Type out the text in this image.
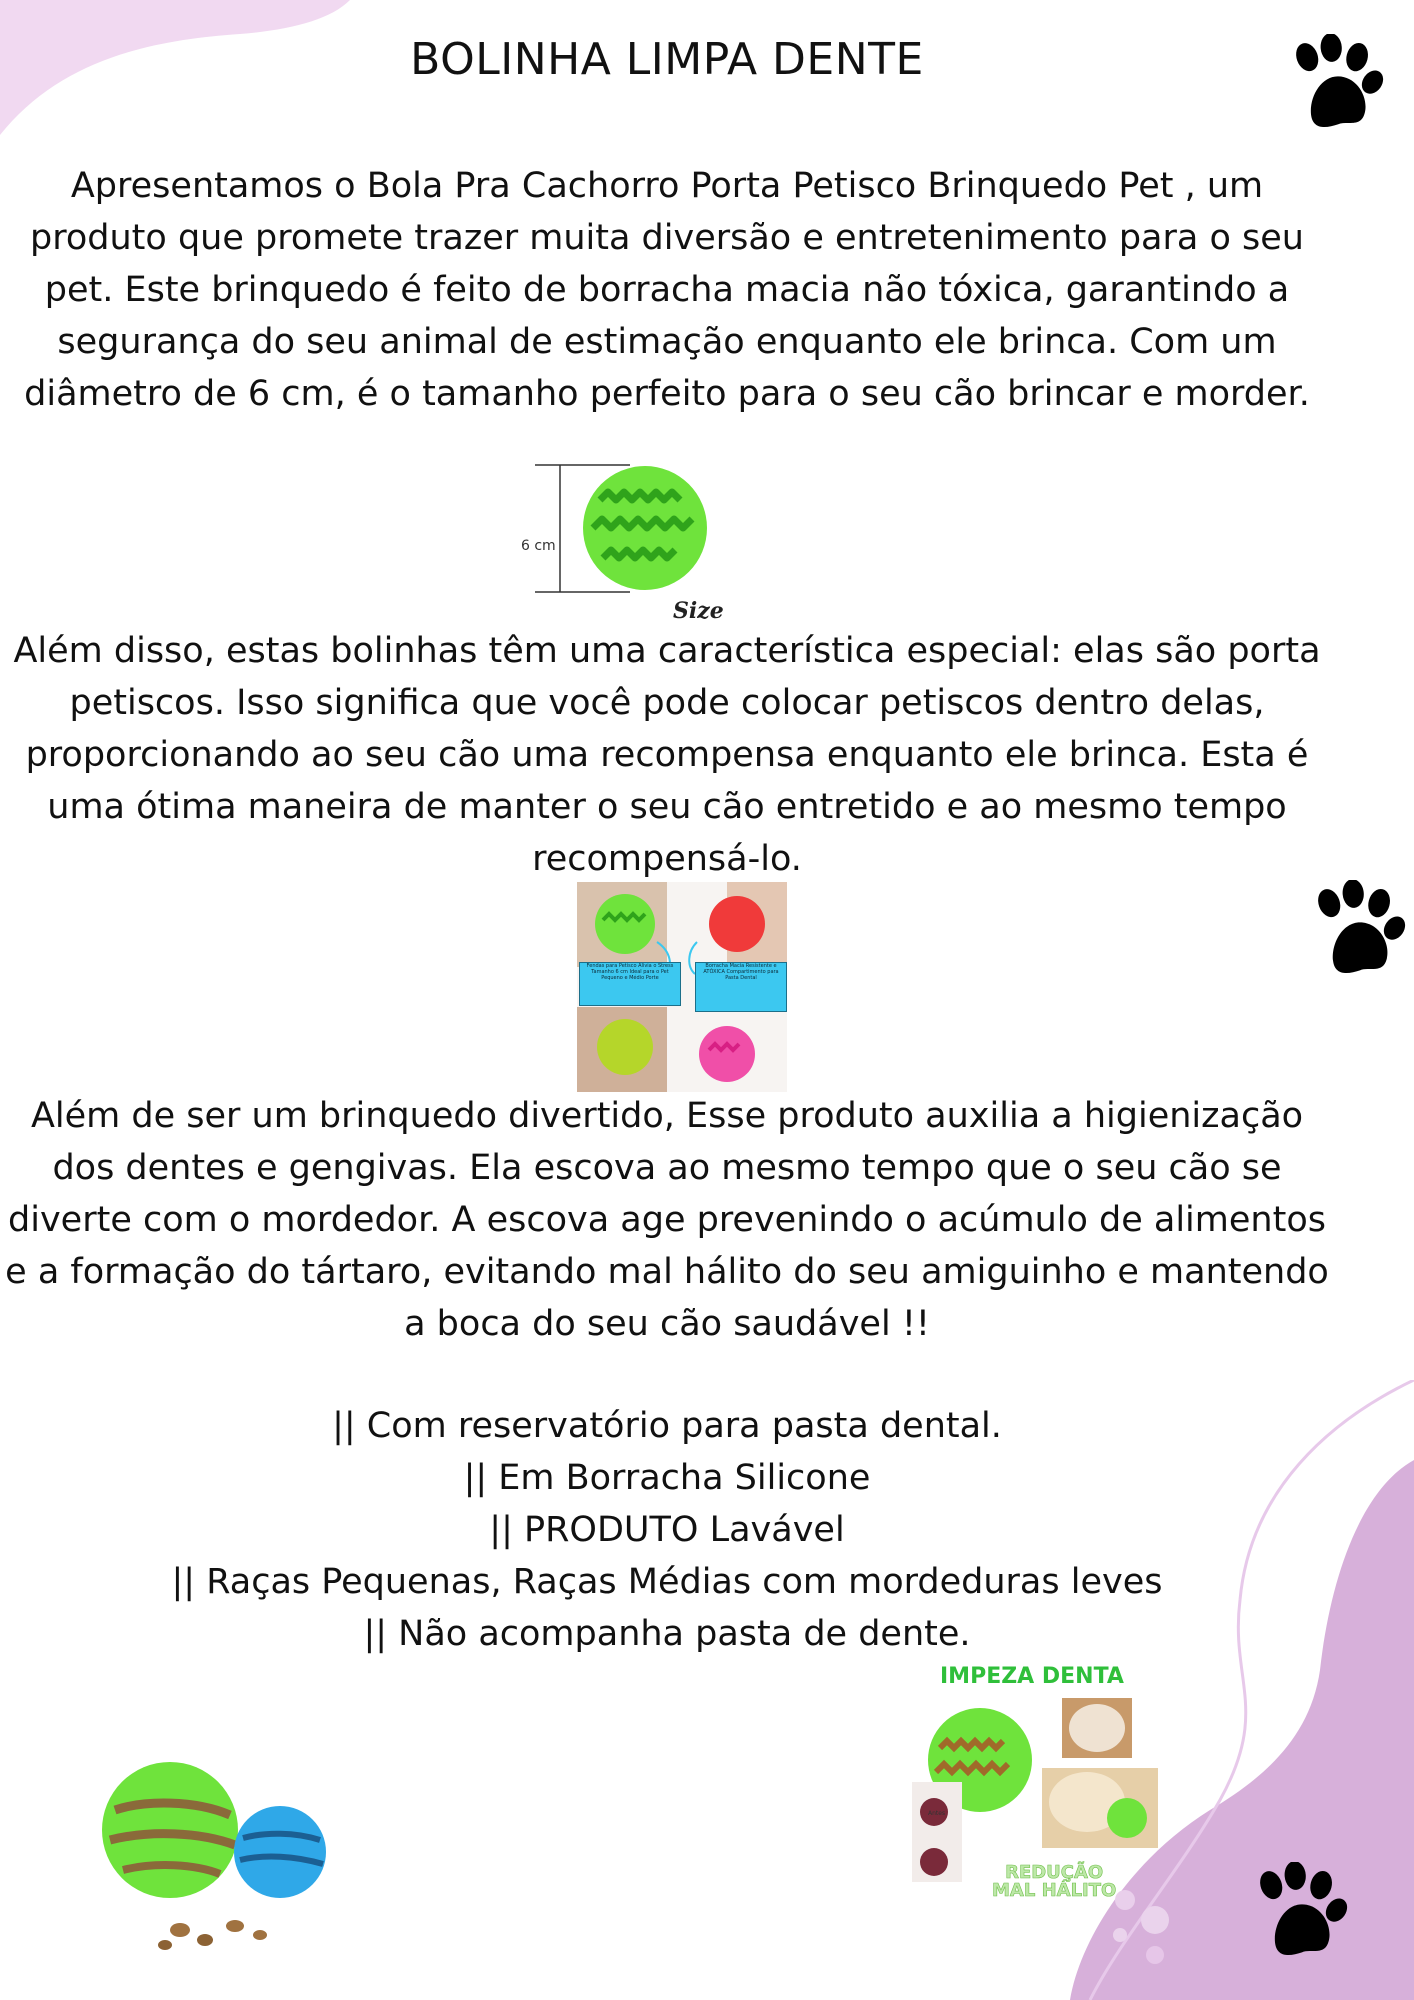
BOLINHA LIMPA DENTE

Apresentamos o Bola Pra Cachorro Porta Petisco Brinquedo Pet , um produto que promete trazer muita diversão e entretenimento para o seu pet. Este brinquedo é feito de borracha macia não tóxica, garantindo a segurança do seu animal de estimação enquanto ele brinca. Com um diâmetro de 6 cm, é o tamanho perfeito para o seu cão brincar e morder.

6 cm
Size

Além disso, estas bolinhas têm uma característica especial: elas são porta petiscos. Isso significa que você pode colocar petiscos dentro delas, proporcionando ao seu cão uma recompensa enquanto ele brinca. Esta é uma ótima maneira de manter o seu cão entretido e ao mesmo tempo recompensá-lo.

Fendas para Petisco Alivia o Stress Tamanho 6 cm Ideal para o Pet Pequeno e Médio Porte
Borracha Macia Resistente e ATÓXICA Compartimento para Pasta Dental

Além de ser um brinquedo divertido, Esse produto auxilia a higienização dos dentes e gengivas. Ela escova ao mesmo tempo que o seu cão se diverte com o mordedor. A escova age prevenindo o acúmulo de alimentos e a formação do tártaro, evitando mal hálito do seu amiguinho e mantendo a boca do seu cão saudável !!

|| Com reservatório para pasta dental.
|| Em Borracha Silicone
|| PRODUTO Lavável
|| Raças Pequenas, Raças Médias com mordeduras leves
|| Não acompanha pasta de dente.
IMPEZA DENTA
Antes
REDUÇÃO
MAL HÁLITO
